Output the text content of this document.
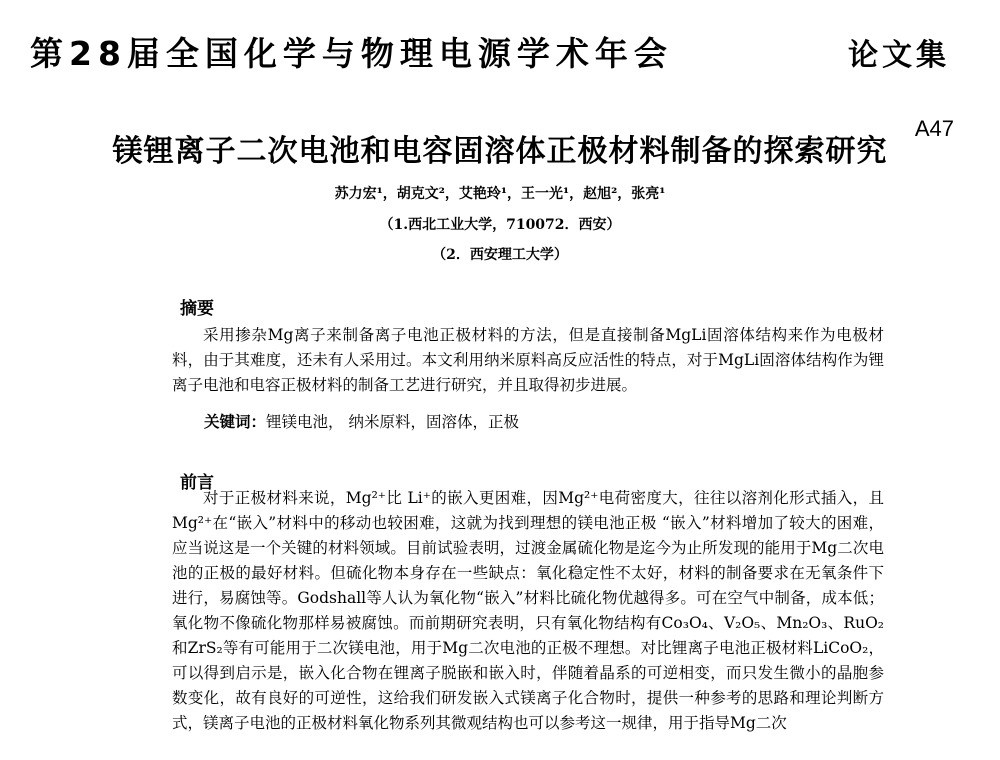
第28届全国化学与物理电源学术年会	论文集
A47
镁锂离子二次电池和电容固溶体正极材料制备的探索研究
苏力宏¹，胡克文²，艾艳玲¹，王一光¹，赵旭²，张亮¹
（1.西北工业大学，710072．西安）
（2．西安理工大学）
摘要

采用掺杂Mg离子来制备离子电池正极材料的方法，但是直接制备MgLi固溶体结构来作为电极材料，由于其难度，还未有人采用过。本文利用纳米原料高反应活性的特点，对于MgLi固溶体结构作为锂离子电池和电容正极材料的制备工艺进行研究，并且取得初步进展。

关键词：锂镁电池， 纳米原料，固溶体，正极
前言

对于正极材料来说，Mg²⁺比 Li⁺的嵌入更困难，因Mg²⁺电荷密度大，往往以溶剂化形式插入，且 Mg²⁺在“嵌入”材料中的移动也较困难，这就为找到理想的镁电池正极 “嵌入”材料增加了较大的困难，应当说这是一个关键的材料领域。目前试验表明，过渡金属硫化物是迄今为止所发现的能用于Mg二次电池的正极的最好材料。但硫化物本身存在一些缺点：氧化稳定性不太好，材料的制备要求在无氧条件下进行，易腐蚀等。Godshall等人认为氧化物“嵌入”材料比硫化物优越得多。可在空气中制备，成本低；氧化物不像硫化物那样易被腐蚀。而前期研究表明，只有氧化物结构有Co₃O₄、V₂O₅、Mn₂O₃、RuO₂和ZrS₂等有可能用于二次镁电池，用于Mg二次电池的正极不理想。对比锂离子电池正极材料LiCoO₂，可以得到启示是，嵌入化合物在锂离子脱嵌和嵌入时，伴随着晶系的可逆相变，而只发生微小的晶胞参数变化，故有良好的可逆性，这给我们研发嵌入式镁离子化合物时，提供一种参考的思路和理论判断方式，镁离子电池的正极材料氧化物系列其微观结构也可以参考这一规律，用于指导Mg二次
